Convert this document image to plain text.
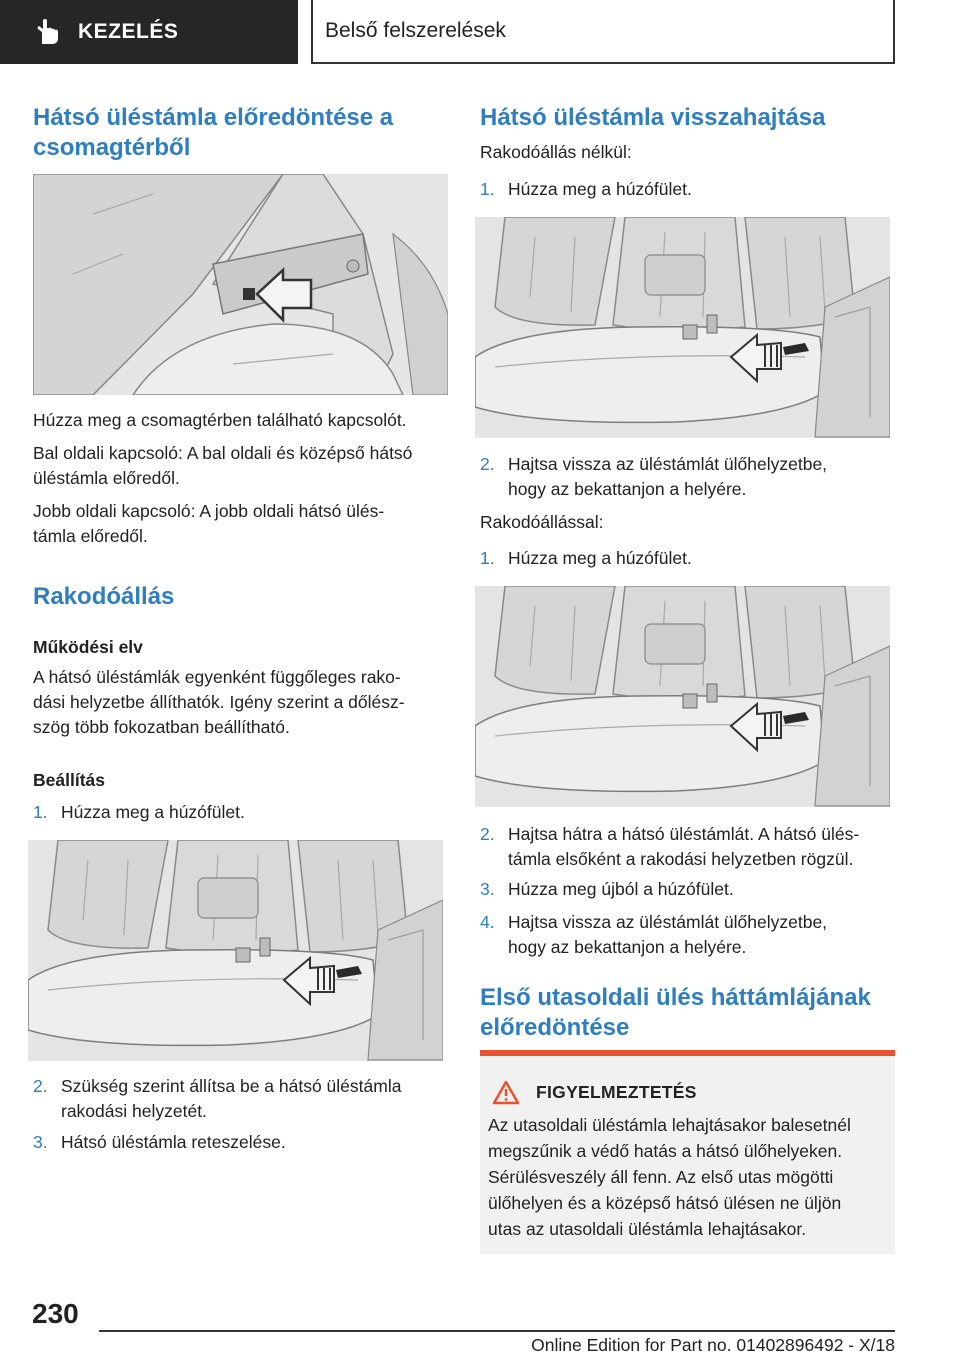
KEZELÉS	Belső felszerelések
Hátsó üléstámla előredöntése a csomagtérből
Húzza meg a csomagtérben található kapcsolót.
Bal oldali kapcsoló: A bal oldali és középső hátsó
üléstámla előredől.
Jobb oldali kapcsoló: A jobb oldali hátsó ülés-
támla előredől.
Rakodóállás
Működési elv
A hátsó üléstámlák egyenként függőleges rako-
dási helyzetbe állíthatók. Igény szerint a dőlész-
szög több fokozatban beállítható.
Beállítás
1. Húzza meg a húzófület.
2. Szükség szerint állítsa be a hátsó üléstámla
rakodási helyzetét.
3. Hátsó üléstámla reteszelése.
Hátsó üléstámla visszahajtása
Rakodóállás nélkül:
1. Húzza meg a húzófület.
2. Hajtsa vissza az üléstámlát ülőhelyzetbe,
hogy az bekattanjon a helyére.
Rakodóállással:
1. Húzza meg a húzófület.
2. Hajtsa hátra a hátsó üléstámlát. A hátsó ülés-
támla elsőként a rakodási helyzetben rögzül.
3. Húzza meg újból a húzófület.
4. Hajtsa vissza az üléstámlát ülőhelyzetbe,
hogy az bekattanjon a helyére.
Első utasoldali ülés háttámlájának előredöntése
FIGYELMEZTETÉS
Az utasoldali üléstámla lehajtásakor balesetnél
megszűnik a védő hatás a hátsó ülőhelyeken.
Sérülésveszély áll fenn. Az első utas mögötti
ülőhelyen és a középső hátsó ülésen ne üljön
utas az utasoldali üléstámla lehajtásakor.
230
Online Edition for Part no. 01402896492 - X/18
